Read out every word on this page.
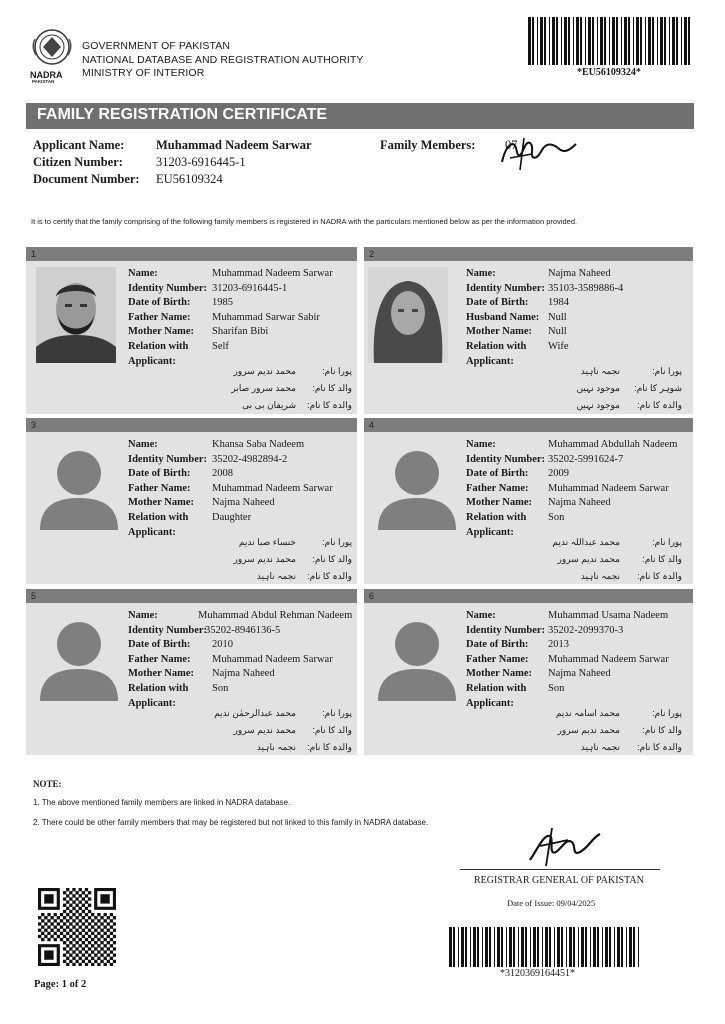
NADRA
PAKISTAN
GOVERNMENT OF PAKISTAN
NATIONAL DATABASE AND REGISTRATION AUTHORITY
MINISTRY OF INTERIOR	*EU56109324*
FAMILY REGISTRATION CERTIFICATE
Applicant Name:	Muhammad Nadeem Sarwar
Citizen Number:	31203-6916445-1
Document Number: EU56109324
Family Members: 07
It is to certify that the family comprising of the following family members is registered in NADRA with the particulars mentioned below as per the information provided.
1
Name:	Muhammad Nadeem Sarwar
Identity Number: 31203-6916445-1
Date of Birth: 1985
Father Name: Muhammad Sarwar Sabir
Mother Name: Sharifan Bibi
Relation with Self
Applicant:
پورا نام:
محمد ندیم سرور
والد کا نام:
محمد سرور صابر
والدہ کا نام:
شریفان بی بی
2
Name:	Najma Naheed
Identity Number: 35103-3589886-4
Date of Birth: 1984
Husband Name: Null
Mother Name: Null
Relation with Wife
Applicant:
پورا نام:
نجمہ ناہید
شوہر کا نام:
موجود نہیں
والدہ کا نام:
موجود نہیں
3
Name:	Khansa Saba Nadeem
Identity Number: 35202-4982894-2
Date of Birth: 2008
Father Name: Muhammad Nadeem Sarwar
Mother Name: Najma Naheed
Relation with Daughter
Applicant:
پورا نام:
خنساء صبا ندیم
والد کا نام:
محمد ندیم سرور
والدہ کا نام:
نجمہ ناہید
4
Name:	Muhammad Abdullah Nadeem
Identity Number: 35202-5991624-7
Date of Birth: 2009
Father Name: Muhammad Nadeem Sarwar
Mother Name: Najma Naheed
Relation with Son
Applicant:
پورا نام:
محمد عبداللہ ندیم
والد کا نام:
محمد ندیم سرور
والدہ کا نام:
نجمہ ناہید
5
Name:	Muhammad Abdul Rehman Nadeem
Identity Number:
35202-8946136-5
Date of Birth: 2010
Father Name: Muhammad Nadeem Sarwar
Mother Name: Najma Naheed
Relation with Son
Applicant:
پورا نام:
محمد عبدالرحمٰن ندیم
والد کا نام:
محمد ندیم سرور
والدہ کا نام:
نجمہ ناہید
6
Name:	Muhammad Usama Nadeem
Identity Number: 35202-2099370-3
Date of Birth: 2013
Father Name: Muhammad Nadeem Sarwar
Mother Name: Najma Naheed
Relation with Son
Applicant:
پورا نام:
محمد اسامہ ندیم
والد کا نام:
محمد ندیم سرور
والدہ کا نام:
نجمہ ناہید
NOTE:
1. The above mentioned family members are linked in NADRA database.
2. There could be other family members that may be registered but not linked to this family in NADRA database.
REGISTRAR GENERAL OF PAKISTAN
Date of Issue: 09/04/2025
*3120369164451*
Page: 1 of 2
